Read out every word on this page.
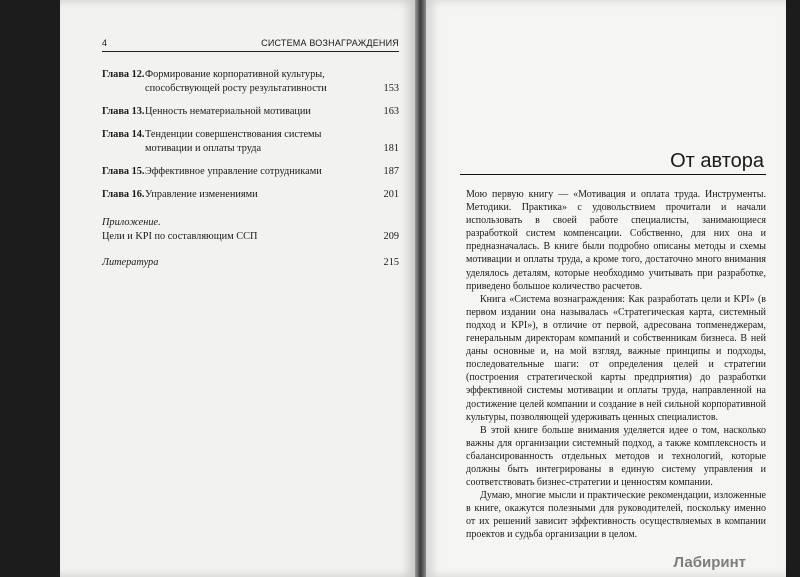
4	СИСТЕМА ВОЗНАГРАЖДЕНИЯ
Глава 12.Формирование корпоративной культуры, способствующей росту результативности	153
Глава 13.Ценность нематериальной мотивации	163
Глава 14.Тенденции совершенствования системы мотивации и оплаты труда	181
Глава 15.Эффективное управление сотрудниками	187
Глава 16.Управление изменениями	201
Приложение.
Цели и KPI по составляющим ССП	209
Литература	215
От автора

Мою первую книгу — «Мотивация и оплата труда. Инструменты. Методики. Практика» с удовольствием прочитали и начали использовать в своей работе специалисты, занимающиеся разработкой систем компенсации. Собственно, для них она и предназначалась. В книге были подробно описаны методы и схемы мотивации и оплаты труда, а кроме того, достаточно много внимания уделялось деталям, которые необходимо учитывать при разработке, приведено большое количество расчетов.

Книга «Система вознаграждения: Как разработать цели и KPI» (в первом издании она называлась «Стратегическая карта, системный подход и KPI»), в отличие от первой, адресована топменеджерам, генеральным директорам компаний и собственникам бизнеса. В ней даны основные и, на мой взгляд, важные принципы и подходы, последовательные шаги: от определения целей и стратегии (построения стратегической карты предприятия) до разработки эффективной системы мотивации и оплаты труда, направленной на достижение целей компании и создание в ней сильной корпоративной культуры, позволяющей удерживать ценных специалистов.

В этой книге больше внимания уделяется идее о том, насколько важны для организации системный подход, а также комплексность и сбалансированность отдельных методов и технологий, которые должны быть интегрированы в единую систему управления и соответствовать бизнес-стратегии и ценностям компании.

Думаю, многие мысли и практические рекомендации, изложенные в книге, окажутся полезными для руководителей, поскольку именно от их решений зависит эффективность осуществляемых в компании проектов и судьба организации в целом.

Лабиринт
